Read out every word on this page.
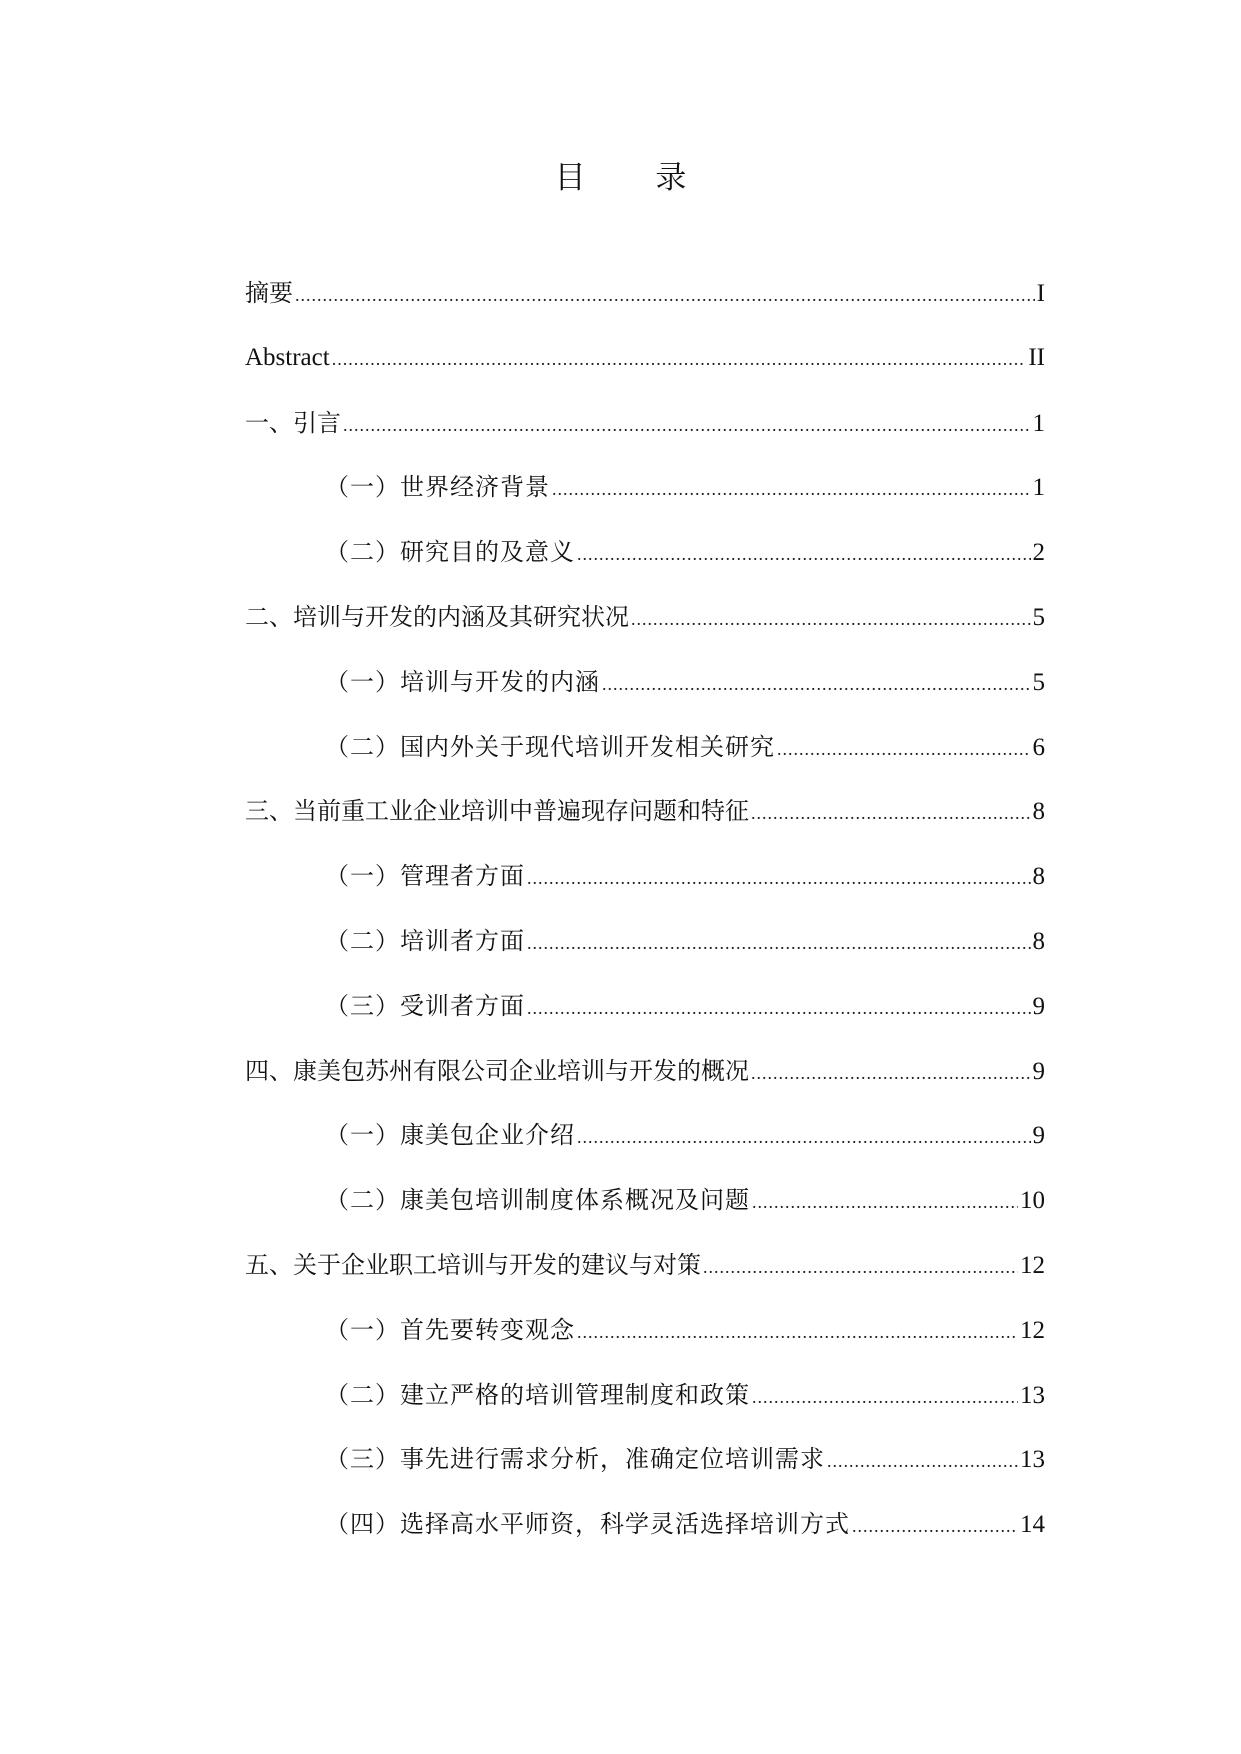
目 录
摘要 .....	I
Abstract .....	II
一、引言 .....	1
（一）世界经济背景 .....	1
（二）研究目的及意义 .....	2
二、培训与开发的内涵及其研究状况 .....	5
（一）培训与开发的内涵 .....	5
（二）国内外关于现代培训开发相关研究 .....	6
三、当前重工业企业培训中普遍现存问题和特征 .....	8
（一）管理者方面 .....	8
（二）培训者方面 .....	8
（三）受训者方面 .....	9
四、康美包苏州有限公司企业培训与开发的概况 .....	9
（一）康美包企业介绍 .....	9
（二）康美包培训制度体系概况及问题 .....	10
五、关于企业职工培训与开发的建议与对策 .....	12
（一）首先要转变观念 .....	12
（二）建立严格的培训管理制度和政策 .....	13
（三）事先进行需求分析，准确定位培训需求 .....	13
（四）选择高水平师资，科学灵活选择培训方式 .....	14
